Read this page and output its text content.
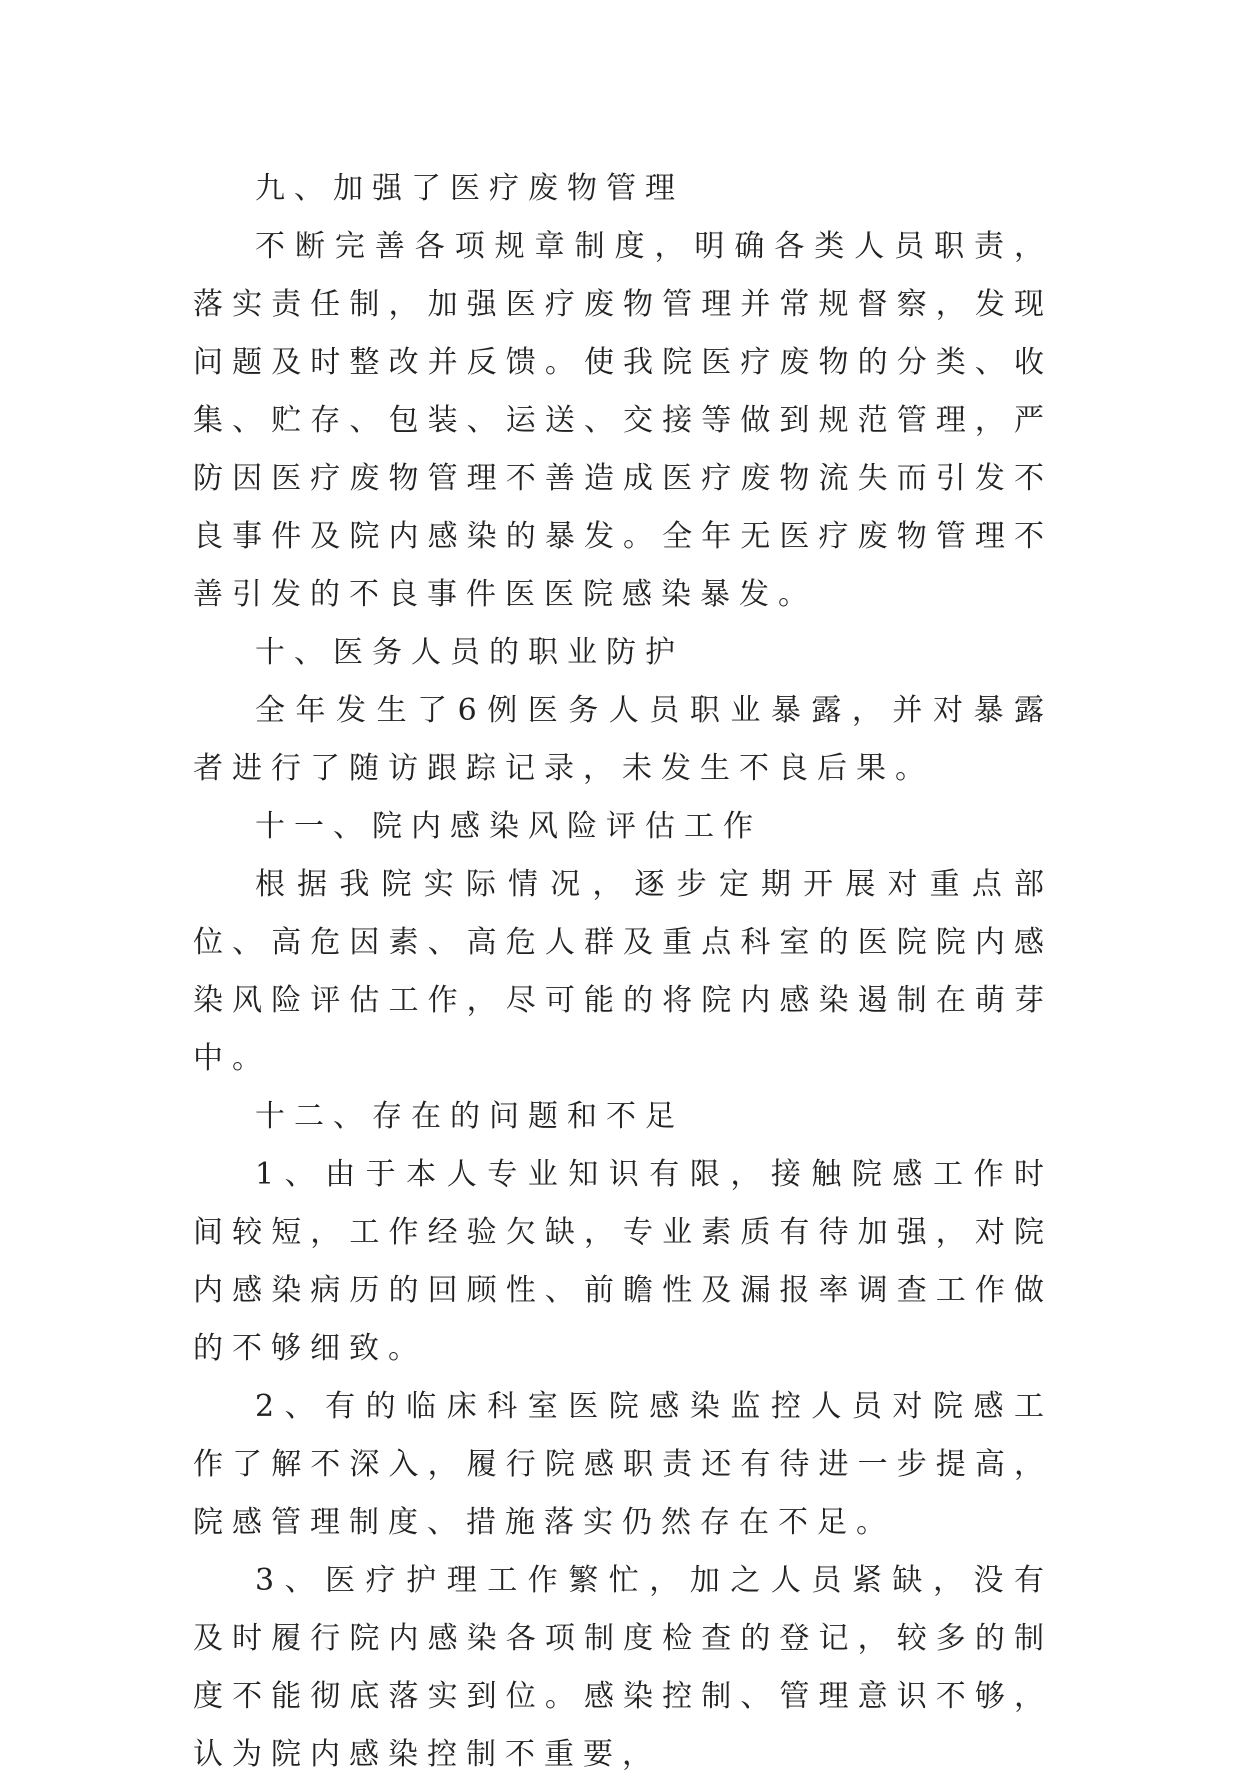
九、加强了医疗废物管理

不断完善各项规章制度，明确各类人员职责，落实责任制，加强医疗废物管理并常规督察，发现问题及时整改并反馈。使我院医疗废物的分类、收集、贮存、包装、运送、交接等做到规范管理，严防因医疗废物管理不善造成医疗废物流失而引发不良事件及院内感染的暴发。全年无医疗废物管理不善引发的不良事件医医院感染暴发。

十、医务人员的职业防护

全年发生了6例医务人员职业暴露，并对暴露者进行了随访跟踪记录，未发生不良后果。

十一、院内感染风险评估工作

根据我院实际情况，逐步定期开展对重点部位、高危因素、高危人群及重点科室的医院院内感染风险评估工作，尽可能的将院内感染遏制在萌芽中。

十二、存在的问题和不足

1、由于本人专业知识有限，接触院感工作时间较短，工作经验欠缺，专业素质有待加强，对院内感染病历的回顾性、前瞻性及漏报率调查工作做的不够细致。

2、有的临床科室医院感染监控人员对院感工作了解不深入，履行院感职责还有待进一步提高，院感管理制度、措施落实仍然存在不足。

3、医疗护理工作繁忙，加之人员紧缺，没有及时履行院内感染各项制度检查的登记，较多的制度不能彻底落实到位。感染控制、管理意识不够，认为院内感染控制不重要，
